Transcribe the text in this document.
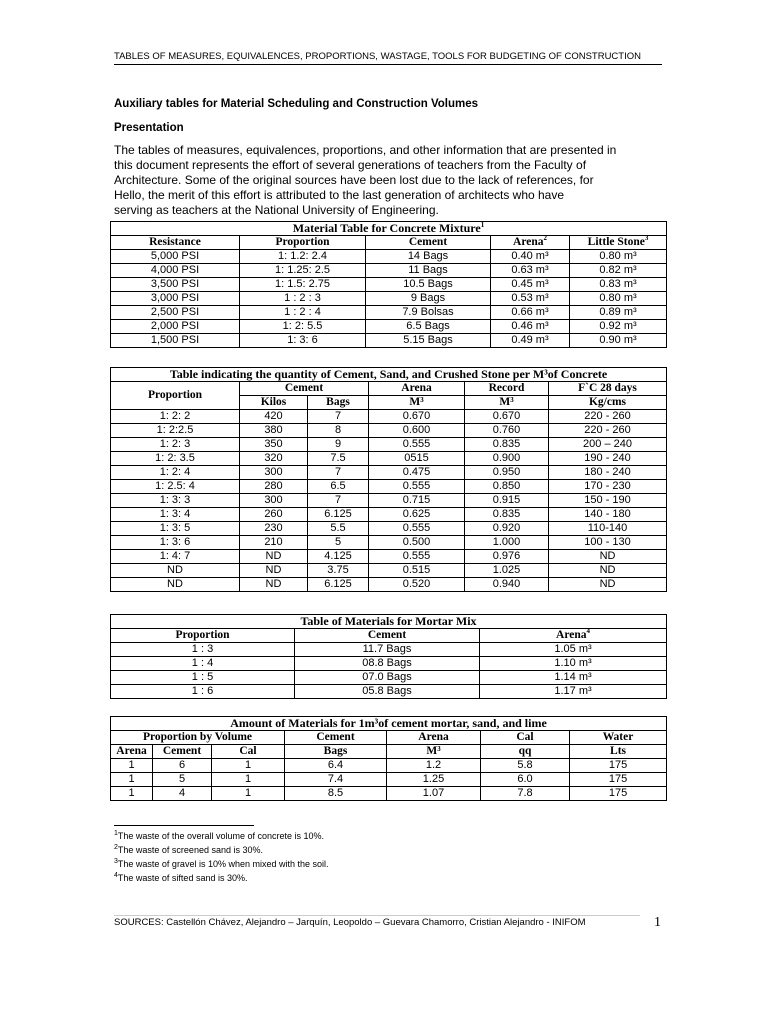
TABLES OF MEASURES, EQUIVALENCES, PROPORTIONS, WASTAGE, TOOLS FOR BUDGETING OF CONSTRUCTION
Auxiliary tables for Material Scheduling and Construction Volumes
Presentation

The tables of measures, equivalences, proportions, and other information that are presented in
this document represents the effort of several generations of teachers from the Faculty of
Architecture. Some of the original sources have been lost due to the lack of references, for
Hello, the merit of this effort is attributed to the last generation of architects who have
serving as teachers at the National University of Engineering.

Material Table for Concrete Mixture$^1$
Resistance	Proportion	Cement	Arena$^2$	Little Stone$^3$
5,000 PSI	1: 1.2: 2.4	14 Bags	0.40 m³	0.80 m³
4,000 PSI	1: 1.25: 2.5	11 Bags	0.63 m³	0.82 m³
3,500 PSI	1: 1.5: 2.75	10.5 Bags	0.45 m³	0.83 m³
3,000 PSI	1 : 2 : 3	9 Bags	0.53 m³	0.80 m³
2,500 PSI	1 : 2 : 4	7.9 Bolsas	0.66 m³	0.89 m³
2,000 PSI	1: 2: 5.5	6.5 Bags	0.46 m³	0.92 m³
1,500 PSI	1: 3: 6	5.15 Bags	0.49 m³	0.90 m³
Table indicating the quantity of Cement, Sand, and Crushed Stone per M³of Concrete					
Proportion	Cement		Arena	Record	F`C 28 days
	Kilos	Bags	M³	M³	Kg/cms
1: 2: 2	420	7	0.670	0.670	220 - 260
1: 2:2.5	380	8	0.600	0.760	220 - 260
1: 2: 3	350	9	0.555	0.835	200 – 240
1: 2: 3.5	320	7.5	0515	0.900	190 - 240
1: 2: 4	300	7	0.475	0.950	180 - 240
1: 2.5: 4	280	6.5	0.555	0.850	170 - 230
1: 3: 3	300	7	0.715	0.915	150 - 190
1: 3: 4	260	6.125	0.625	0.835	140 - 180
1: 3: 5	230	5.5	0.555	0.920	110-140
1: 3: 6	210	5	0.500	1.000	100 - 130
1: 4: 7	ND	4.125	0.555	0.976	ND
ND	ND	3.75	0.515	1.025	ND
ND	ND	6.125	0.520	0.940	ND
Table of Materials for Mortar Mix		
Proportion	Cement	Arena$^4$
1 : 3	11.7 Bags	1.05 m³
1 : 4	08.8 Bags	1.10 m³
1 : 5	07.0 Bags	1.14 m³
1 : 6	05.8 Bags	1.17 m³
Amount of Materials for 1m³of cement mortar, sand, and lime						
Proportion by Volume			Cement	Arena	Cal	Water
Arena	Cement	Cal	Bags	M³	qq	Lts
1	6	1	6.4	1.2	5.8	175
1	5	1	7.4	1.25	6.0	175
1	4	1	8.5	1.07	7.8	175
$^1$The waste of the overall volume of concrete is 10%.
$^2$The waste of screened sand is 30%.
$^3$The waste of gravel is 10% when mixed with the soil.
$^4$The waste of sifted sand is 30%.
SOURCES: Castellón Chávez, Alejandro – Jarquín, Leopoldo – Guevara Chamorro, Cristian Alejandro - INIFOM	1
